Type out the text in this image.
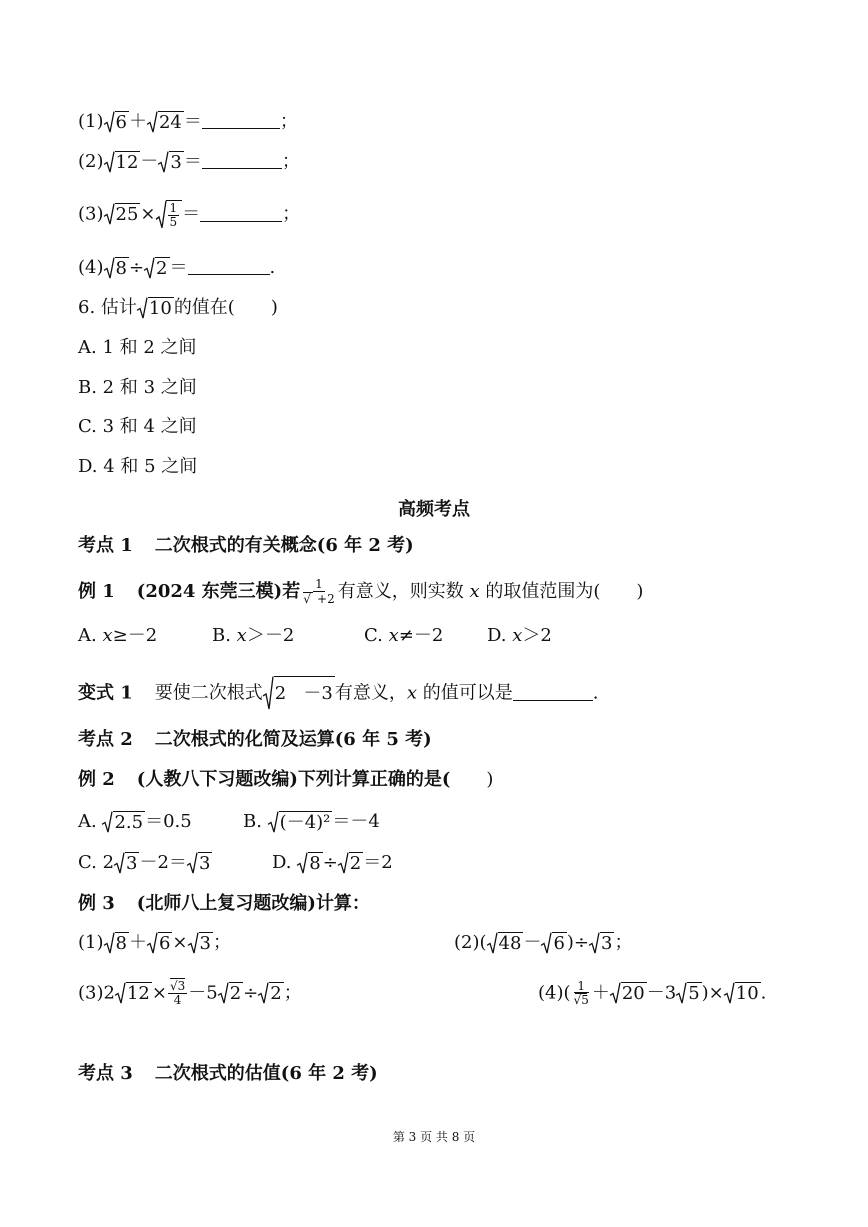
(1) 6 ＋ 24 ＝	；
(2) 12 － 3 ＝	；
(3) $25 \times \frac{1}{5}$ ＝	；
(4) 8 ÷ 2 ＝	.
6. 估计 10 的值在( )
A. 1 和 2 之间
B. 2 和 3 之间
C. 3 和 4 之间
D. 4 和 5 之间
高频考点
考点 1 二次根式的有关概念(6 年 2 考)
例 1 (2024 东莞三模)若 $\frac{1}{√ +2}$ 有意义，则实数 x 的取值范围为( )
A. x≥－2	B. x＞－2	C. x≠－2 D. x＞2
变式 1 要使二次根式 2   －3 有意义，x 的值可以是	.
考点 2 二次根式的化简及运算(6 年 5 考)
例 2 (人教八下习题改编)下列计算正确的是( )
A. 2.5 ＝0.5	B. (－4)² ＝－4
C. 2 3 －2＝ 3	D. 8 ÷ 2 ＝2
例 3 (北师八上复习题改编)计算：
(1) 8 ＋ 6 × 3 ；	(2)( 48 － 6 )÷ 3 ；
(3)2 $12 \times \frac{√3}{4} -5$ 2 ÷ 2 ；	$(4)( \frac{1}{√5} + 20 -3$ 5 )× 10 .
考点 3 二次根式的估值(6 年 2 考)
第 3 页 共 8 页
